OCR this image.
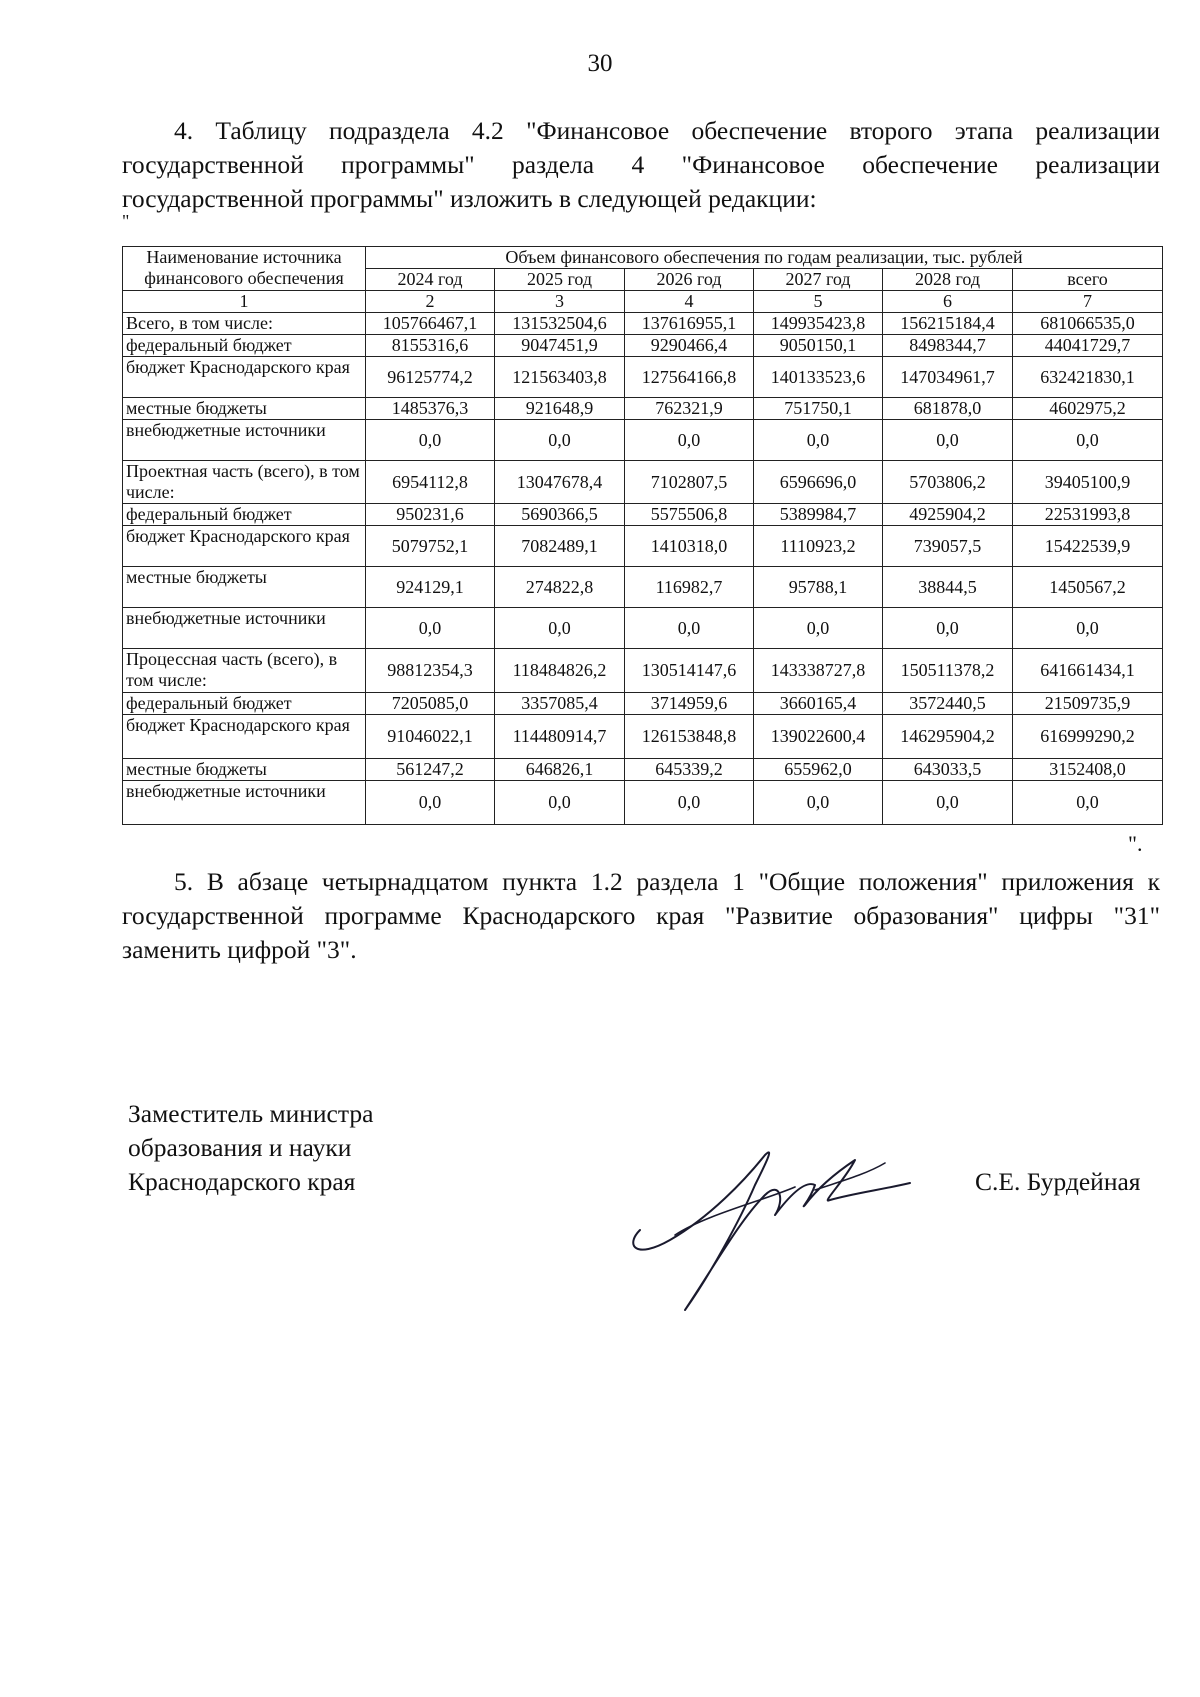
30
4. Таблицу подраздела 4.2 "Финансовое обеспечение второго этапа реализации государственной программы" раздела 4 "Финансовое обеспечение реализации государственной программы" изложить в следующей редакции:
"
Наименование источника финансового обеспечения	Объем финансового обеспечения по годам реализации, тыс. рублей					
	2024 год	2025 год	2026 год	2027 год	2028 год	всего
1	2	3	4	5	6	7
Всего, в том числе:	105766467,1	131532504,6	137616955,1	149935423,8	156215184,4	681066535,0
федеральный бюджет	8155316,6	9047451,9	9290466,4	9050150,1	8498344,7	44041729,7
бюджет Краснодарского края	96125774,2	121563403,8	127564166,8	140133523,6	147034961,7	632421830,1
местные бюджеты	1485376,3	921648,9	762321,9	751750,1	681878,0	4602975,2
внебюджетные источники	0,0	0,0	0,0	0,0	0,0	0,0
Проектная часть (всего), в том числе:	6954112,8	13047678,4	7102807,5	6596696,0	5703806,2	39405100,9
федеральный бюджет	950231,6	5690366,5	5575506,8	5389984,7	4925904,2	22531993,8
бюджет Краснодарского края	5079752,1	7082489,1	1410318,0	1110923,2	739057,5	15422539,9
местные бюджеты	924129,1	274822,8	116982,7	95788,1	38844,5	1450567,2
внебюджетные источники	0,0	0,0	0,0	0,0	0,0	0,0
Процессная часть (всего), в том числе:	98812354,3	118484826,2	130514147,6	143338727,8	150511378,2	641661434,1
федеральный бюджет	7205085,0	3357085,4	3714959,6	3660165,4	3572440,5	21509735,9
бюджет Краснодарского края	91046022,1	114480914,7	126153848,8	139022600,4	146295904,2	616999290,2
местные бюджеты	561247,2	646826,1	645339,2	655962,0	643033,5	3152408,0
внебюджетные источники	0,0	0,0	0,0	0,0	0,0	0,0
".
5. В абзаце четырнадцатом пункта 1.2 раздела 1 "Общие положения" приложения к государственной программе Краснодарского края "Развитие образования" цифры "31" заменить цифрой "3".
Заместитель министра
образования и науки
Краснодарского края	С.Е. Бурдейная
